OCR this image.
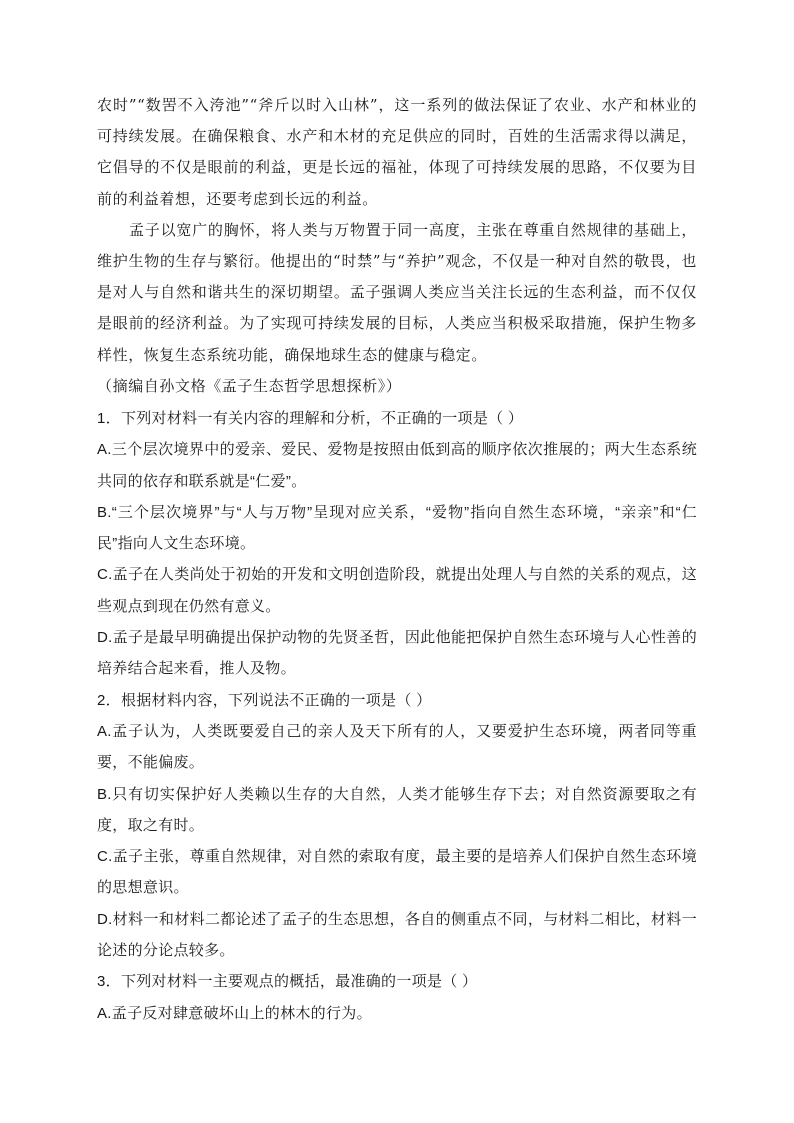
农时”“数罟不入洿池”“斧斤以时入山林”，这一系列的做法保证了农业、水产和林业的可持续发展。在确保粮食、水产和木材的充足供应的同时，百姓的生活需求得以满足，它倡导的不仅是眼前的利益，更是长远的福祉，体现了可持续发展的思路，不仅要为目前的利益着想，还要考虑到长远的利益。

孟子以宽广的胸怀，将人类与万物置于同一高度，主张在尊重自然规律的基础上，维护生物的生存与繁衍。他提出的“时禁”与“养护”观念，不仅是一种对自然的敬畏，也是对人与自然和谐共生的深切期望。孟子强调人类应当关注长远的生态利益，而不仅仅是眼前的经济利益。为了实现可持续发展的目标，人类应当积极采取措施，保护生物多样性，恢复生态系统功能，确保地球生态的健康与稳定。

（摘编自孙文格《孟子生态哲学思想探析》）

1．下列对材料一有关内容的理解和分析，不正确的一项是（ ）

A.三个层次境界中的爱亲、爱民、爱物是按照由低到高的顺序依次推展的；两大生态系统共同的依存和联系就是“仁爱”。

B.“三个层次境界”与“人与万物”呈现对应关系，“爱物”指向自然生态环境，“亲亲”和“仁民”指向人文生态环境。

C.孟子在人类尚处于初始的开发和文明创造阶段，就提出处理人与自然的关系的观点，这些观点到现在仍然有意义。

D.孟子是最早明确提出保护动物的先贤圣哲，因此他能把保护自然生态环境与人心性善的培养结合起来看，推人及物。

2．根据材料内容，下列说法不正确的一项是（ ）

A.孟子认为，人类既要爱自己的亲人及天下所有的人，又要爱护生态环境，两者同等重要，不能偏废。

B.只有切实保护好人类赖以生存的大自然，人类才能够生存下去；对自然资源要取之有度，取之有时。

C.孟子主张，尊重自然规律，对自然的索取有度，最主要的是培养人们保护自然生态环境的思想意识。

D.材料一和材料二都论述了孟子的生态思想，各自的侧重点不同，与材料二相比，材料一论述的分论点较多。

3．下列对材料一主要观点的概括，最准确的一项是（ ）

A.孟子反对肆意破坏山上的林木的行为。
